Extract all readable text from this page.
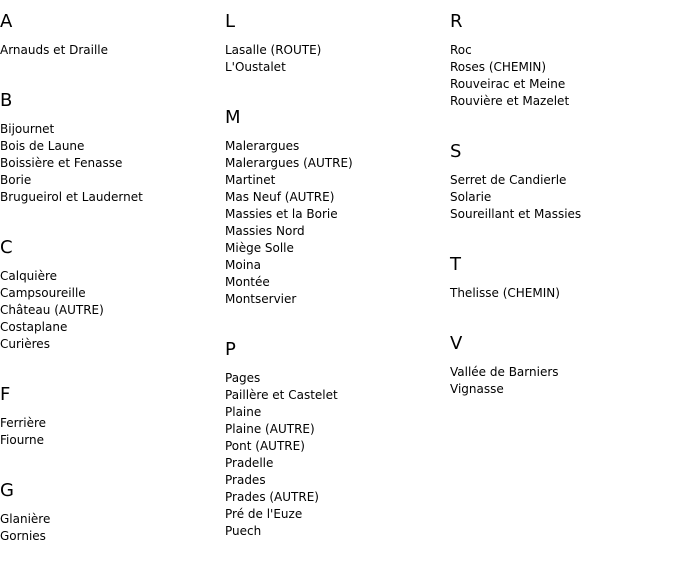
A
Arnauds et Draille
B
Bijournet
Bois de Laune
Boissière et Fenasse
Borie
Brugueirol et Laudernet
C
Calquière
Campsoureille
Château (AUTRE)
Costaplane
Curières
F
Ferrière
Fiourne
G
Glanière
Gornies
L
Lasalle (ROUTE)
L'Oustalet
M
Malerargues
Malerargues (AUTRE)
Martinet
Mas Neuf (AUTRE)
Massies et la Borie
Massies Nord
Miège Solle
Moina
Montée
Montservier
P
Pages
Paillère et Castelet
Plaine
Plaine (AUTRE)
Pont (AUTRE)
Pradelle
Prades
Prades (AUTRE)
Pré de l'Euze
Puech
R
Roc
Roses (CHEMIN)
Rouveirac et Meine
Rouvière et Mazelet
S
Serret de Candierle
Solarie
Soureillant et Massies
T
Thelisse (CHEMIN)
V
Vallée de Barniers
Vignasse
